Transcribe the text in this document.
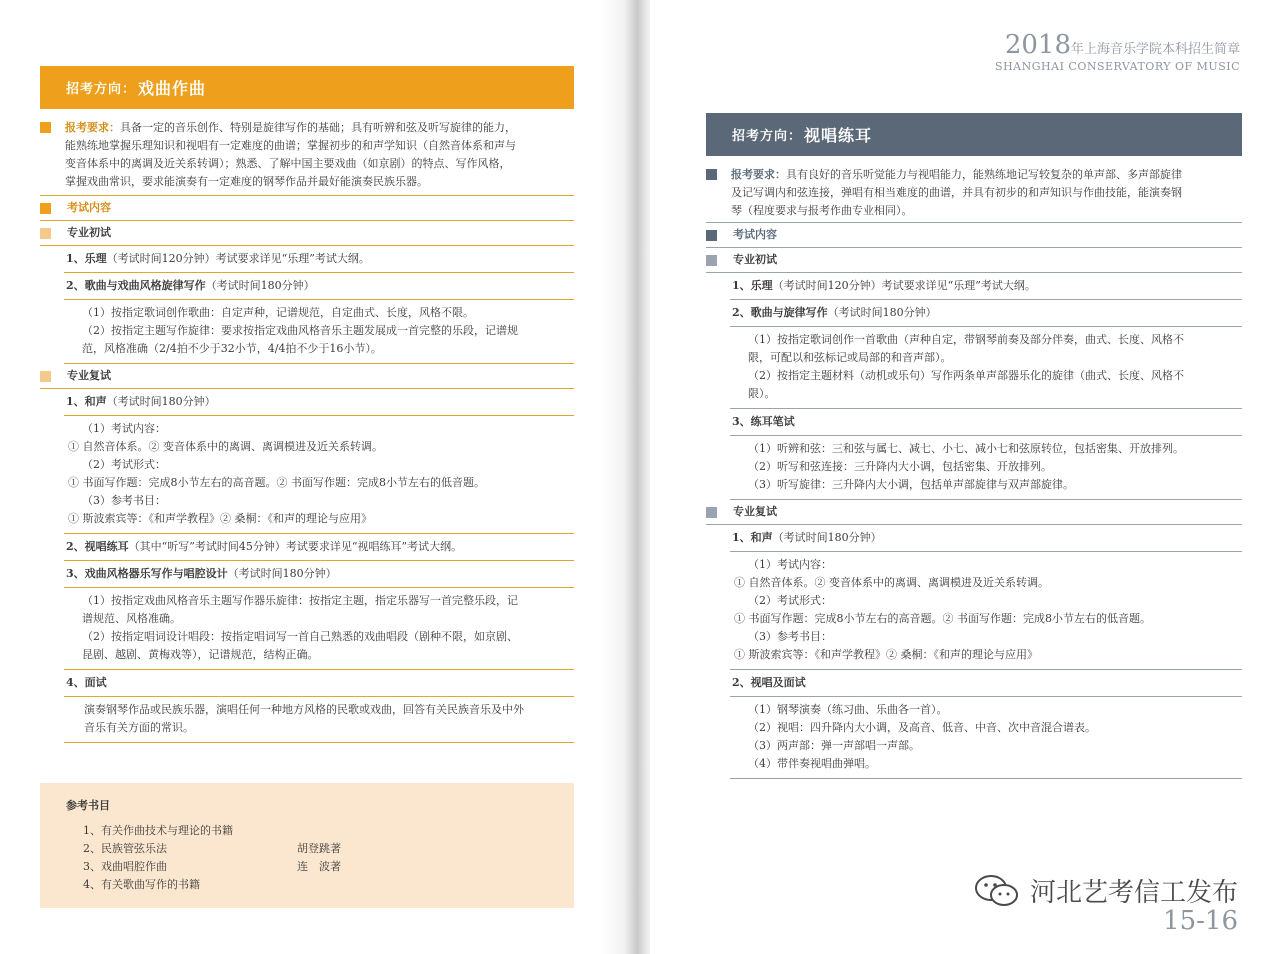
招考方向： 戏曲作曲
报考要求：具备一定的音乐创作、特别是旋律写作的基础；具有听辨和弦及听写旋律的能力，
能熟练地掌握乐理知识和视唱有一定难度的曲谱；掌握初步的和声学知识（自然音体系和声与
变音体系中的离调及近关系转调）；熟悉、了解中国主要戏曲（如京剧）的特点、写作风格，
掌握戏曲常识，要求能演奏有一定难度的钢琴作品并最好能演奏民族乐器。
考试内容
专业初试
1、乐理（考试时间120分钟）考试要求详见“乐理”考试大纲。
2、歌曲与戏曲风格旋律写作（考试时间180分钟）
（1）按指定歌词创作歌曲：自定声种，记谱规范，自定曲式、长度，风格不限。
（2）按指定主题写作旋律：要求按指定戏曲风格音乐主题发展成一首完整的乐段，记谱规
范，风格准确（2/4拍不少于32小节，4/4拍不少于16小节）。
专业复试
1、和声（考试时间180分钟）
（1）考试内容：
① 自然音体系。② 变音体系中的离调、离调模进及近关系转调。
（2）考试形式：
① 书面写作题：完成8小节左右的高音题。② 书面写作题：完成8小节左右的低音题。
（3）参考书目：
① 斯波索宾等：《和声学教程》② 桑桐：《和声的理论与应用》
2、视唱练耳（其中“听写”考试时间45分钟）考试要求详见“视唱练耳”考试大纲。
3、戏曲风格器乐写作与唱腔设计（考试时间180分钟）
（1）按指定戏曲风格音乐主题写作器乐旋律：按指定主题，指定乐器写一首完整乐段，记
谱规范、风格准确。
（2）按指定唱词设计唱段：按指定唱词写一首自己熟悉的戏曲唱段（剧种不限，如京剧、
昆剧、越剧、黄梅戏等），记谱规范，结构正确。
4、面试
演奏钢琴作品或民族乐器，演唱任何一种地方风格的民歌或戏曲，回答有关民族音乐及中外
音乐有关方面的常识。
参考书目
1、有关作曲技术与理论的书籍
2、民族管弦乐法	胡登跳著
3、戏曲唱腔作曲	连　波著
4、有关歌曲写作的书籍
2018年上海音乐学院本科招生简章
SHANGHAI CONSERVATORY OF MUSIC
招考方向： 视唱练耳
报考要求：具有良好的音乐听觉能力与视唱能力，能熟练地记写较复杂的单声部、多声部旋律
及记写调内和弦连接，弹唱有相当难度的曲谱，并具有初步的和声知识与作曲技能，能演奏钢
琴（程度要求与报考作曲专业相同）。
考试内容
专业初试
1、乐理（考试时间120分钟）考试要求详见“乐理”考试大纲。
2、歌曲与旋律写作（考试时间180分钟）
（1）按指定歌词创作一首歌曲（声种自定，带钢琴前奏及部分伴奏，曲式、长度、风格不
限，可配以和弦标记或局部的和音声部）。
（2）按指定主题材料（动机或乐句）写作两条单声部器乐化的旋律（曲式、长度、风格不
限）。
3、练耳笔试
（1）听辨和弦：三和弦与属七、减七、小七、减小七和弦原转位，包括密集、开放排列。
（2）听写和弦连接：三升降内大小调，包括密集、开放排列。
（3）听写旋律：三升降内大小调，包括单声部旋律与双声部旋律。
专业复试
1、和声（考试时间180分钟）
（1）考试内容：
① 自然音体系。② 变音体系中的离调、离调模进及近关系转调。
（2）考试形式：
① 书面写作题：完成8小节左右的高音题。② 书面写作题：完成8小节左右的低音题。
（3）参考书目：
① 斯波索宾等：《和声学教程》② 桑桐：《和声的理论与应用》
2、视唱及面试
（1）钢琴演奏（练习曲、乐曲各一首）。
（2）视唱：四升降内大小调，及高音、低音、中音、次中音混合谱表。
（3）两声部：弹一声部唱一声部。
（4）带伴奏视唱曲弹唱。
河北艺考信工发布
15-16
